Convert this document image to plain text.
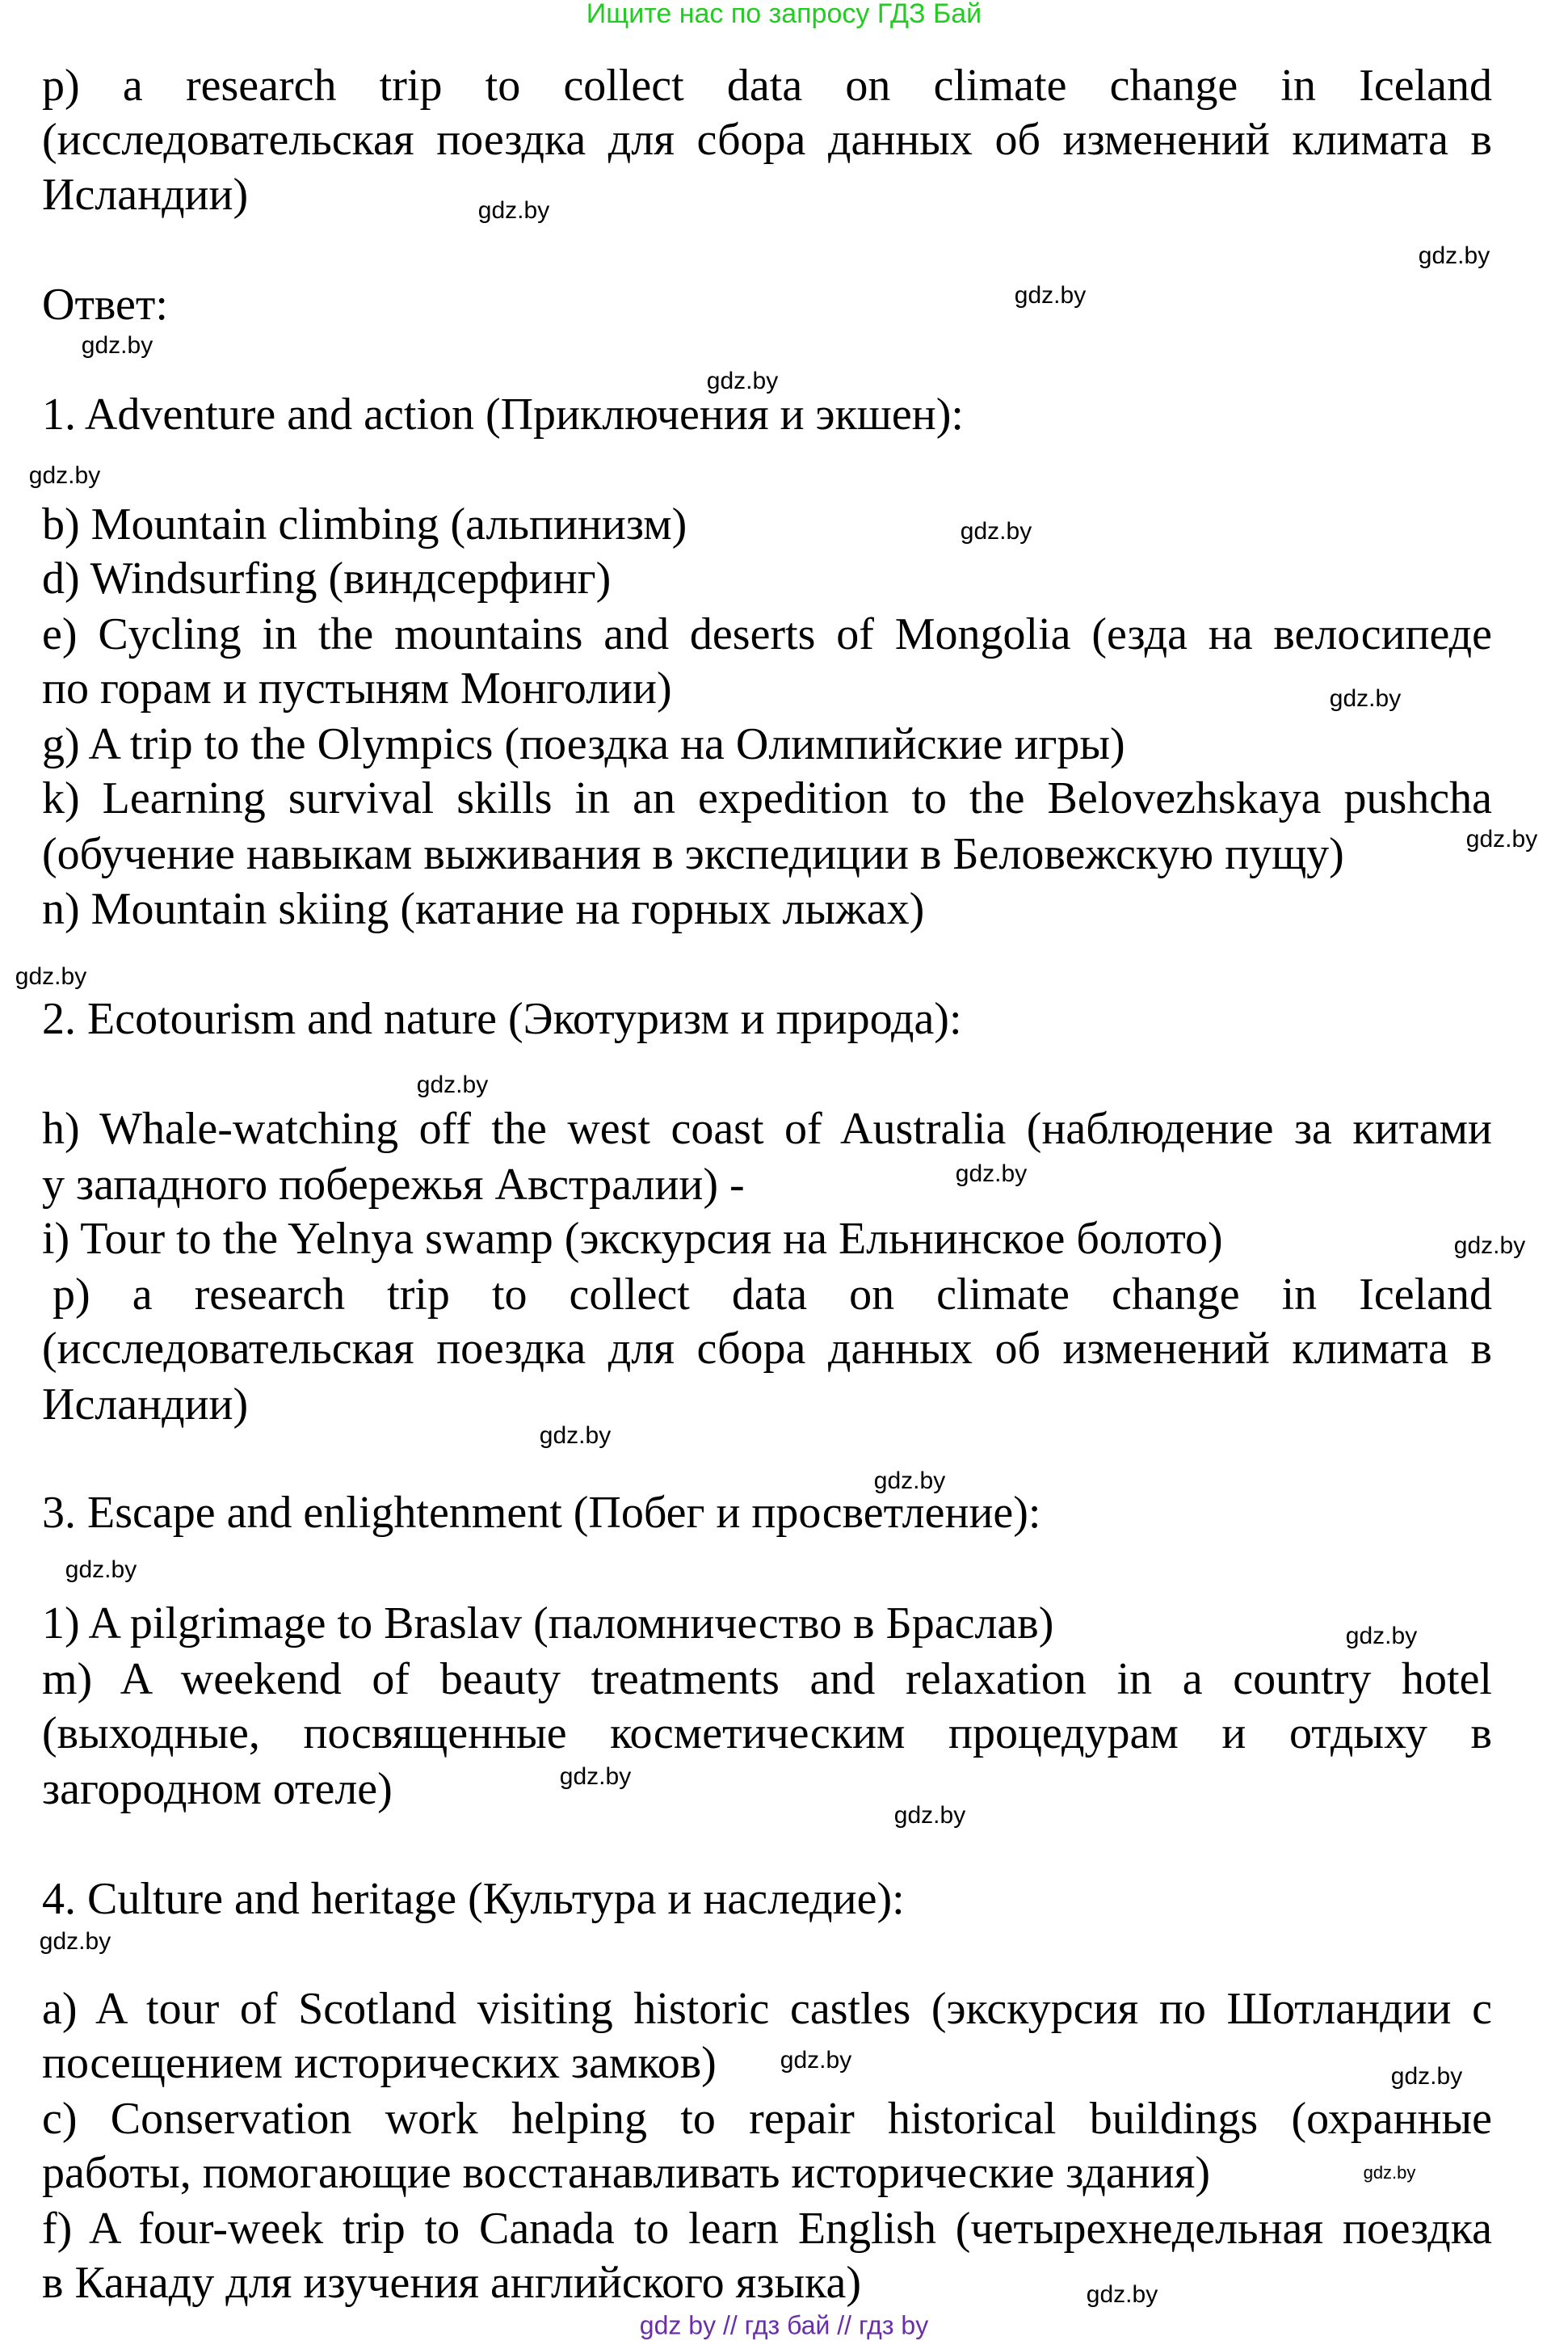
Ищите нас по запросу ГДЗ Бай
p) a research trip to collect data on climate change in Iceland
(исследовательская поездка для сбора данных об изменений климата в
Исландии)
Ответ:
1. Adventure and action (Приключения и экшен):
b) Mountain climbing (альпинизм)
d) Windsurfing (виндсерфинг)
e) Cycling in the mountains and deserts of Mongolia (езда на велосипеде
по горам и пустыням Монголии)
g) A trip to the Olympics (поездка на Олимпийские игры)
k) Learning survival skills in an expedition to the Belovezhskaya pushcha
(обучение навыкам выживания в экспедиции в Беловежскую пущу)
n) Mountain skiing (катание на горных лыжах)
2. Ecotourism and nature (Экотуризм и природа):
h) Whale-watching off the west coast of Australia (наблюдение за китами
у западного побережья Австралии) -
i) Tour to the Yelnya swamp (экскурсия на Ельнинское болото)
p) a research trip to collect data on climate change in Iceland
(исследовательская поездка для сбора данных об изменений климата в
Исландии)
3. Escape and enlightenment (Побег и просветление):
1) A pilgrimage to Braslav (паломничество в Браслав)
m) A weekend of beauty treatments and relaxation in a country hotel
(выходные, посвященные косметическим процедурам и отдыху в
загородном отеле)
4. Culture and heritage (Культура и наследие):
a) A tour of Scotland visiting historic castles (экскурсия по Шотландии с
посещением исторических замков)
c) Conservation work helping to repair historical buildings (охранные
работы, помогающие восстанавливать исторические здания)
f) A four-week trip to Canada to learn English (четырехнедельная поездка
в Канаду для изучения английского языка)
gdz.by
gdz.by
gdz.by
gdz.by
gdz.by
gdz.by
gdz.by
gdz.by
gdz.by
gdz.by
gdz.by
gdz.by
gdz.by
gdz.by
gdz.by
gdz.by
gdz.by
gdz.by
gdz.by
gdz.by
gdz.by
gdz.by
gdz.by
gdz.by
gdz by // гдз бай // гдз by
